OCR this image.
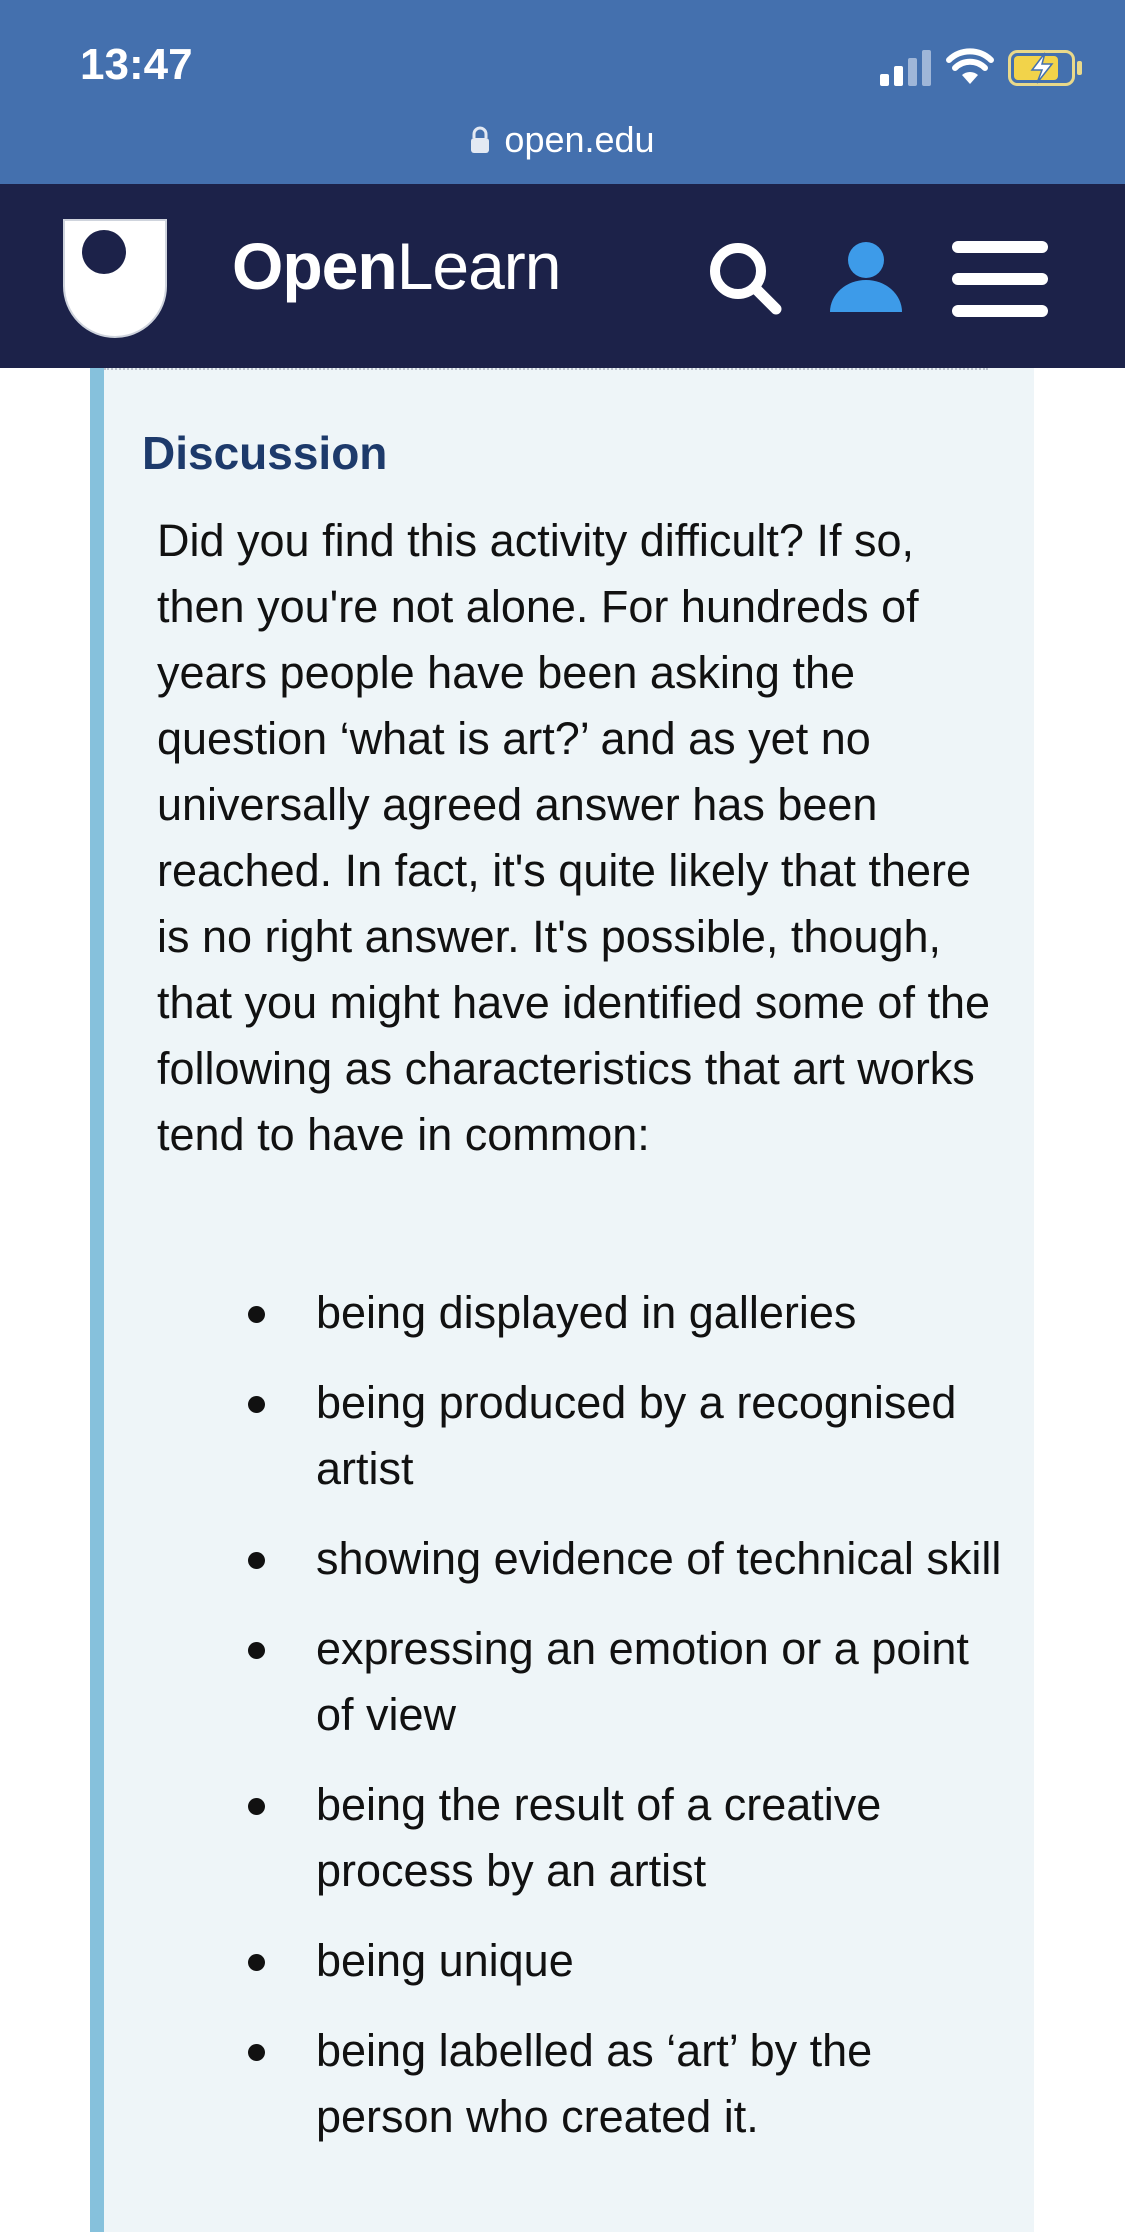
13:47
open.edu
OpenLearn
Discussion

Did you find this activity difficult? If so, then you're not alone. For hundreds of years people have been asking the question ‘what is art?’ and as yet no universally agreed answer has been reached. In fact, it's quite likely that there is no right answer. It's possible, though, that you might have identified some of the following as characteristics that art works tend to have in common:

being displayed in galleries
being produced by a recognised artist
showing evidence of technical skill
expressing an emotion or a point of view
being the result of a creative process by an artist
being unique
being labelled as ‘art’ by the person who created it.
